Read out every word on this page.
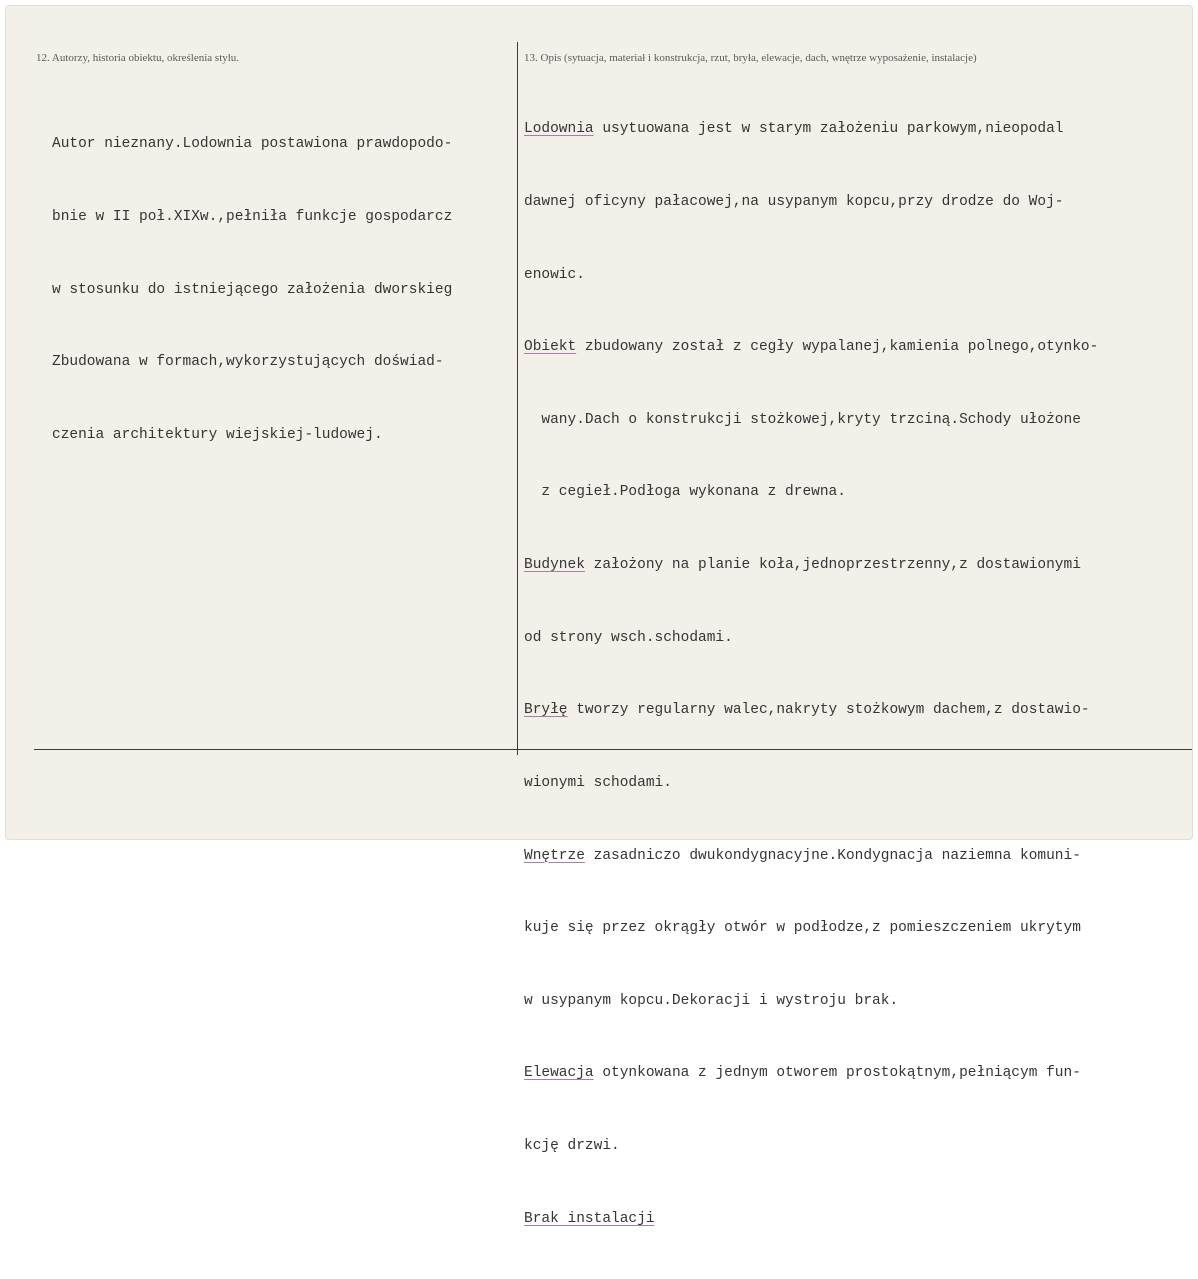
12. Autorzy, historia obiektu, określenia stylu.	13. Opis (sytuacja, materiał i konstrukcja, rzut, bryła, elewacje, dach, wnętrze wyposażenie, instalacje)

Autor nieznany.Lodownia postawiona prawdopodo-

bnie w II poł.XIXw.,pełniła funkcje gospodarcz

w stosunku do istniejącego założenia dworskieg

Zbudowana w formach,wykorzystujących doświad-

czenia architektury wiejskiej-ludowej.

Lodownia usytuowana jest w starym założeniu parkowym,nieopodal

dawnej oficyny pałacowej,na usypanym kopcu,przy drodze do Woj-

enowic.

Obiekt zbudowany został z cegły wypalanej,kamienia polnego,otynko-

wany.Dach o konstrukcji stożkowej,kryty trzciną.Schody ułożone

z cegieł.Podłoga wykonana z drewna.

Budynek założony na planie koła,jednoprzestrzenny,z dostawionymi

od strony wsch.schodami.

Bryłę tworzy regularny walec,nakryty stożkowym dachem,z dostawio-

wionymi schodami.

Wnętrze zasadniczo dwukondygnacyjne.Kondygnacja naziemna komuni-

kuje się przez okrągły otwór w podłodze,z pomieszczeniem ukrytym

w usypanym kopcu.Dekoracji i wystroju brak.

Elewacja otynkowana z jednym otworem prostokątnym,pełniącym fun-

kcję drzwi.

Brak instalacji
